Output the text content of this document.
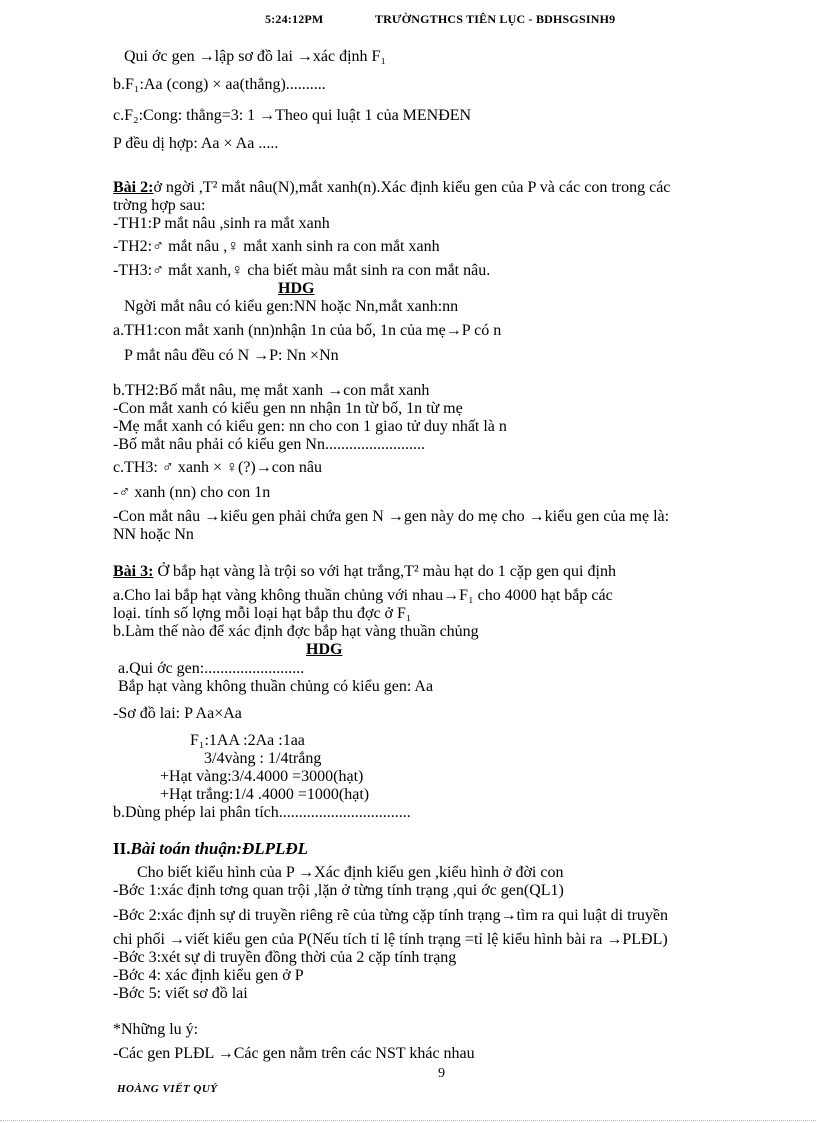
5:24:12PM	TRƯỜNGTHCS TIÊN LỤC - BDHSGSINH9
Qui ớc gen →lập sơ đồ lai →xác định F₁
b.F₁:Aa (cong) × aa(thẳng)..........
c.F₂:Cong: thẳng=3: 1 →Theo qui luật 1 của MENĐEN
P đều dị hợp: Aa × Aa .....
Bài 2:ở ngời ,T² mắt nâu(N),mắt xanh(n).Xác định kiểu gen của P và các con trong các
trờng hợp sau:
-TH1:P mắt nâu ,sinh ra mắt xanh
-TH2:♂ mắt nâu ,♀ mắt xanh sinh ra con mắt xanh
-TH3:♂ mắt xanh,♀ cha biết màu mắt sinh ra con mắt nâu.
HDG
Ngời mắt nâu có kiểu gen:NN hoặc Nn,mắt xanh:nn
a.TH1:con mắt xanh (nn)nhận 1n của bố, 1n của mẹ→P có n
P mắt nâu đều có N →P: Nn ×Nn
b.TH2:Bố mắt nâu, mẹ mắt xanh →con mắt xanh
-Con mắt xanh có kiểu gen nn nhận 1n từ bố, 1n từ mẹ
-Mẹ mắt xanh có kiểu gen: nn cho con 1 giao tử duy nhất là n
-Bố mắt nâu phải có kiểu gen Nn.........................
c.TH3: ♂ xanh × ♀(?)→con nâu
-♂ xanh (nn) cho con 1n
-Con mắt nâu →kiểu gen phải chứa gen N →gen này do mẹ cho →kiểu gen của mẹ là:
NN hoặc Nn
Bài 3: Ở bắp hạt vàng là trội so với hạt trắng,T² màu hạt do 1 cặp gen qui định
a.Cho lai bắp hạt vàng không thuần chủng với nhau→F₁ cho 4000 hạt bắp các
loại. tính số lợng mỗi loại hạt bắp thu đợc ở F₁
b.Làm thế nào để xác định đợc bắp hạt vàng thuần chủng
HDG
a.Qui ớc gen:.........................
Bắp hạt vàng không thuần chủng có kiểu gen: Aa
-Sơ đồ lai: P Aa×Aa
F₁:1AA :2Aa :1aa
3/4vàng : 1/4trắng
+Hạt vàng:3/4.4000 =3000(hạt)
+Hạt trắng:1/4 .4000 =1000(hạt)
b.Dùng phép lai phân tích.................................
II.Bài toán thuận:ĐLPLĐL
Cho biết kiểu hình của P →Xác định kiểu gen ,kiểu hình ở đời con
-Bớc 1:xác định tơng quan trội ,lặn ở từng tính trạng ,qui ớc gen(QL1)
-Bớc 2:xác định sự di truyền riêng rẽ của từng cặp tính trạng→tìm ra qui luật di truyền
chi phối →viết kiểu gen của P(Nếu tích tỉ lệ tính trạng =tỉ lệ kiểu hình bài ra →PLĐL)
-Bớc 3:xét sự di truyền đồng thời của 2 cặp tính trạng
-Bớc 4: xác định kiểu gen ở P
-Bớc 5: viết sơ đồ lai
*Những lu ý:
-Các gen PLĐL →Các gen nằm trên các NST khác nhau
9
HOÀNG VIẾT QUÝ
